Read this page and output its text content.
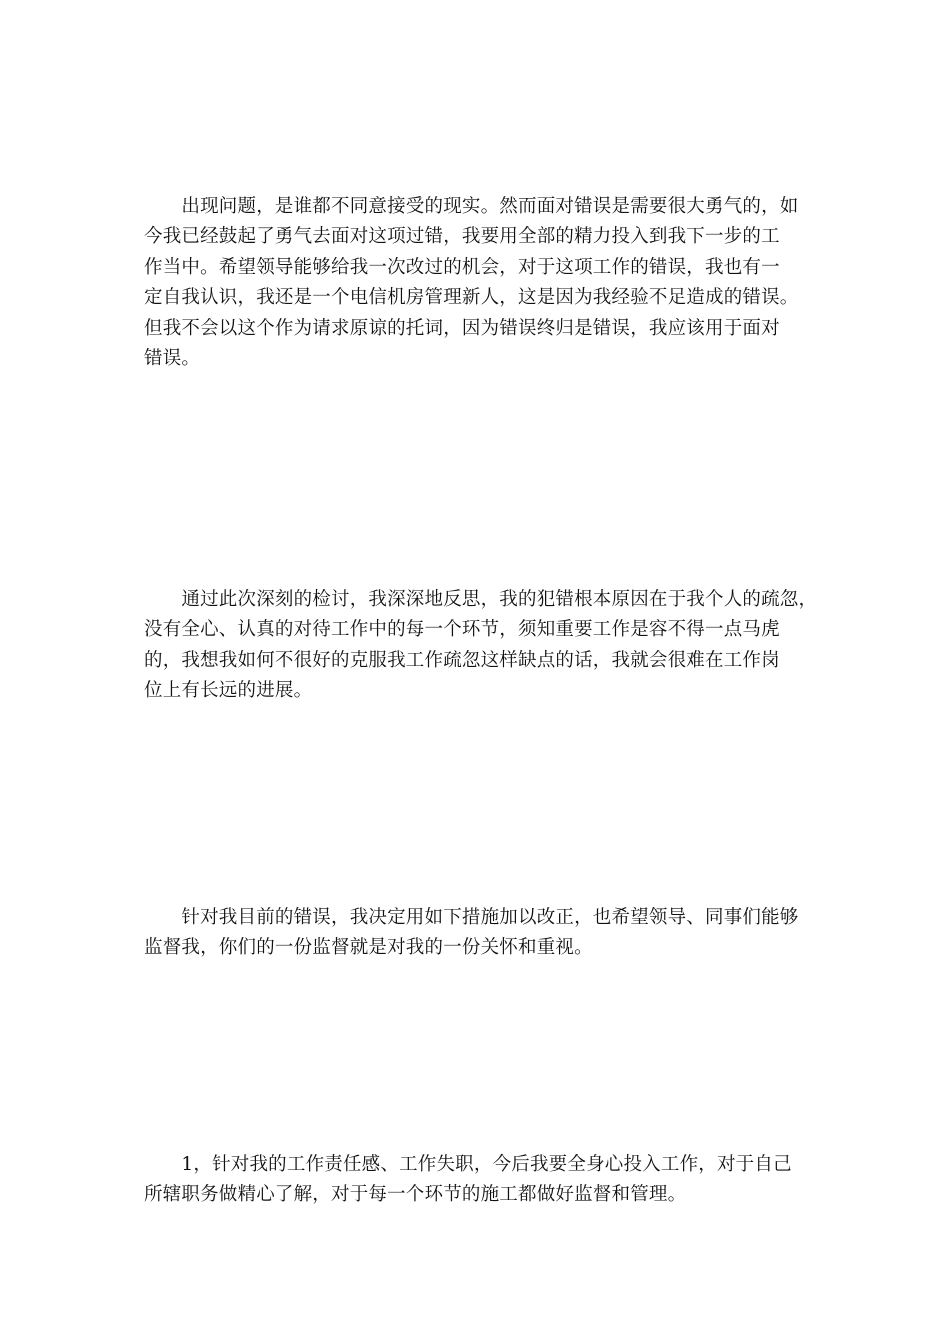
　　出现问题，是谁都不同意接受的现实。然而面对错误是需要很大勇气的，如
今我已经鼓起了勇气去面对这项过错，我要用全部的精力投入到我下一步的工
作当中。希望领导能够给我一次改过的机会，对于这项工作的错误，我也有一
定自我认识，我还是一个电信机房管理新人，这是因为我经验不足造成的错误。
但我不会以这个作为请求原谅的托词，因为错误终归是错误，我应该用于面对
错误。

　　通过此次深刻的检讨，我深深地反思，我的犯错根本原因在于我个人的疏忽，
没有全心、认真的对待工作中的每一个环节，须知重要工作是容不得一点马虎
的，我想我如何不很好的克服我工作疏忽这样缺点的话，我就会很难在工作岗
位上有长远的进展。

　　针对我目前的错误，我决定用如下措施加以改正，也希望领导、同事们能够
监督我，你们的一份监督就是对我的一份关怀和重视。

　　1，针对我的工作责任感、工作失职，今后我要全身心投入工作，对于自己
所辖职务做精心了解，对于每一个环节的施工都做好监督和管理。
